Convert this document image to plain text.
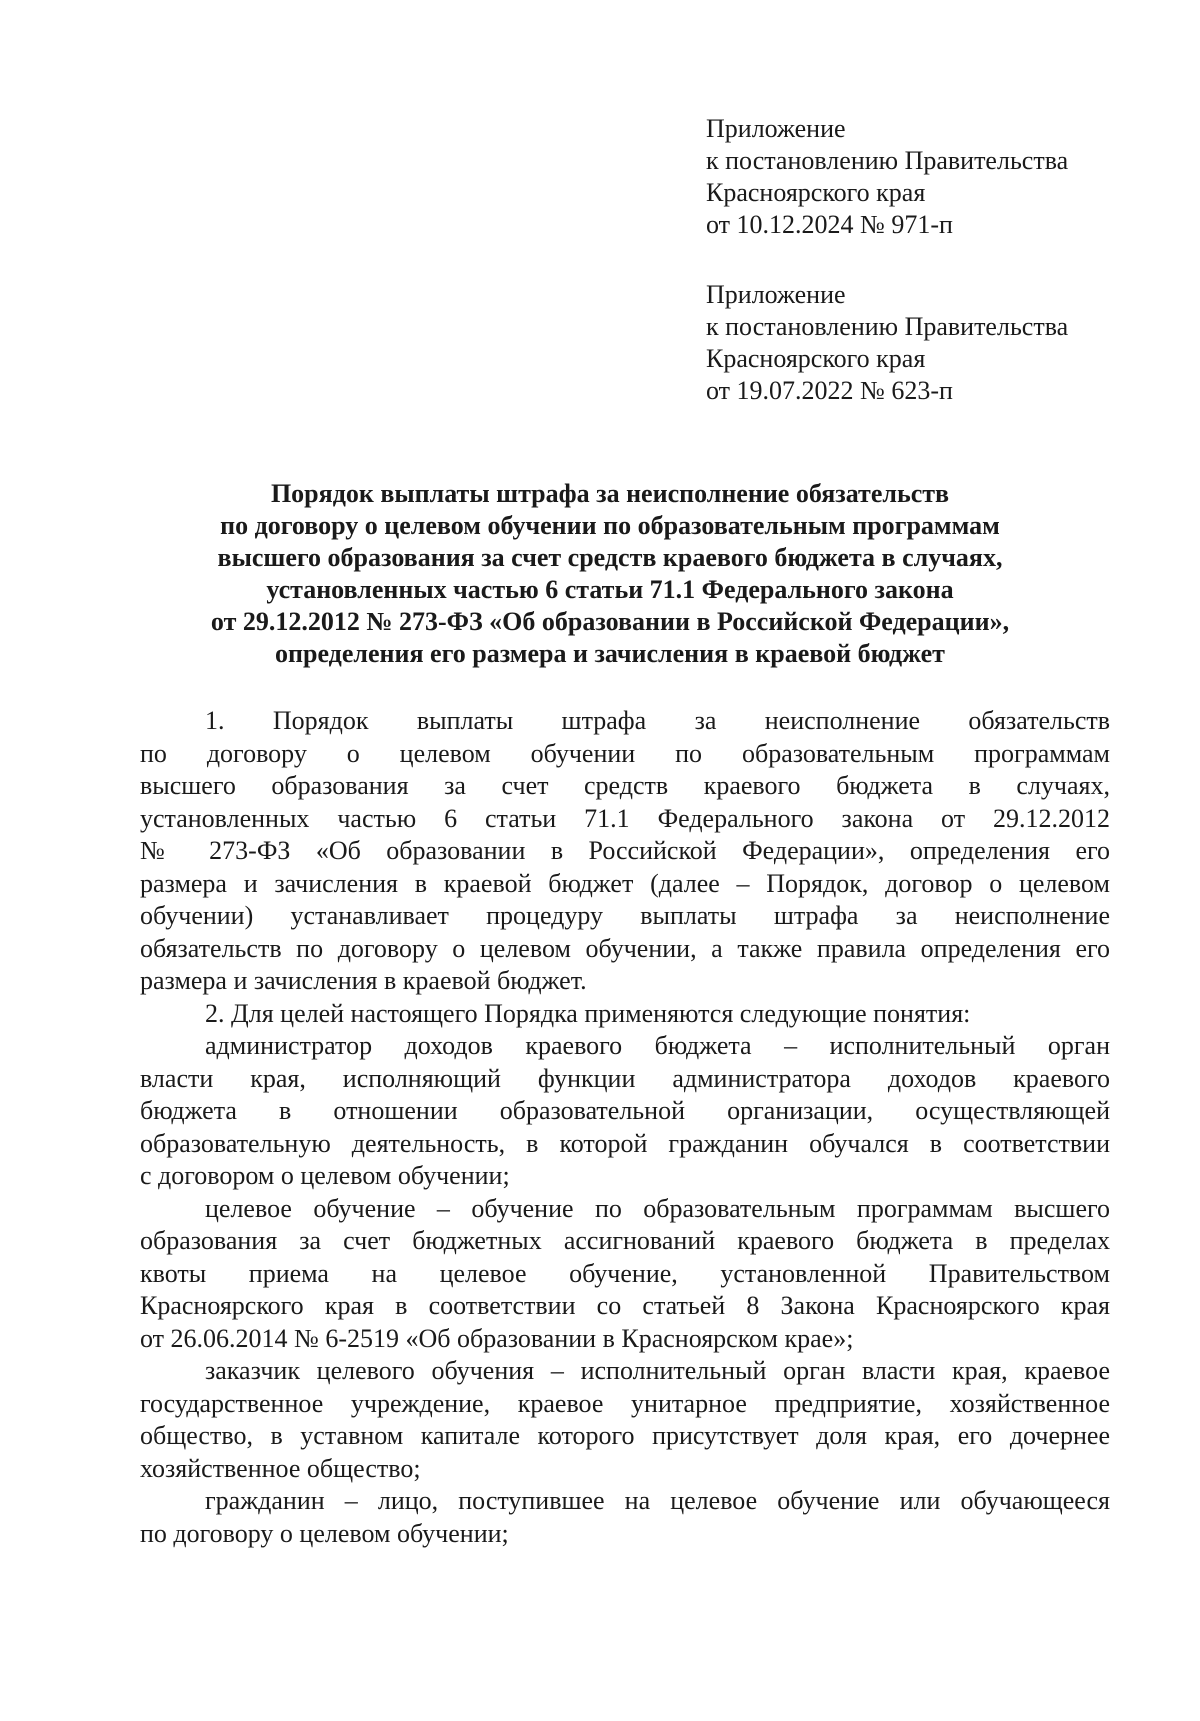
Приложение
к постановлению Правительства
Красноярского края
от 10.12.2024 № 971-п
Приложение
к постановлению Правительства
Красноярского края
от 19.07.2022 № 623-п
Порядок выплаты штрафа за неисполнение обязательств
по договору о целевом обучении по образовательным программам
высшего образования за счет средств краевого бюджета в случаях,
установленных частью 6 статьи 71.1 Федерального закона
от 29.12.2012 № 273-ФЗ «Об образовании в Российской Федерации»,
определения его размера и зачисления в краевой бюджет
1. Порядок выплаты штрафа за неисполнение обязательств
по договору о целевом обучении по образовательным программам
высшего образования за счет средств краевого бюджета в случаях,
установленных частью 6 статьи 71.1 Федерального закона от 29.12.2012
№ 273-ФЗ «Об образовании в Российской Федерации», определения его
размера и зачисления в краевой бюджет (далее – Порядок, договор о целевом
обучении) устанавливает процедуру выплаты штрафа за неисполнение
обязательств по договору о целевом обучении, а также правила определения его
размера и зачисления в краевой бюджет.
2. Для целей настоящего Порядка применяются следующие понятия:
администратор доходов краевого бюджета – исполнительный орган
власти края, исполняющий функции администратора доходов краевого
бюджета в отношении образовательной организации, осуществляющей
образовательную деятельность, в которой гражданин обучался в соответствии
с договором о целевом обучении;
целевое обучение – обучение по образовательным программам высшего
образования за счет бюджетных ассигнований краевого бюджета в пределах
квоты приема на целевое обучение, установленной Правительством
Красноярского края в соответствии со статьей 8 Закона Красноярского края
от 26.06.2014 № 6-2519 «Об образовании в Красноярском крае»;
заказчик целевого обучения – исполнительный орган власти края, краевое
государственное учреждение, краевое унитарное предприятие, хозяйственное
общество, в уставном капитале которого присутствует доля края, его дочернее
хозяйственное общество;
гражданин – лицо, поступившее на целевое обучение или обучающееся
по договору о целевом обучении;
